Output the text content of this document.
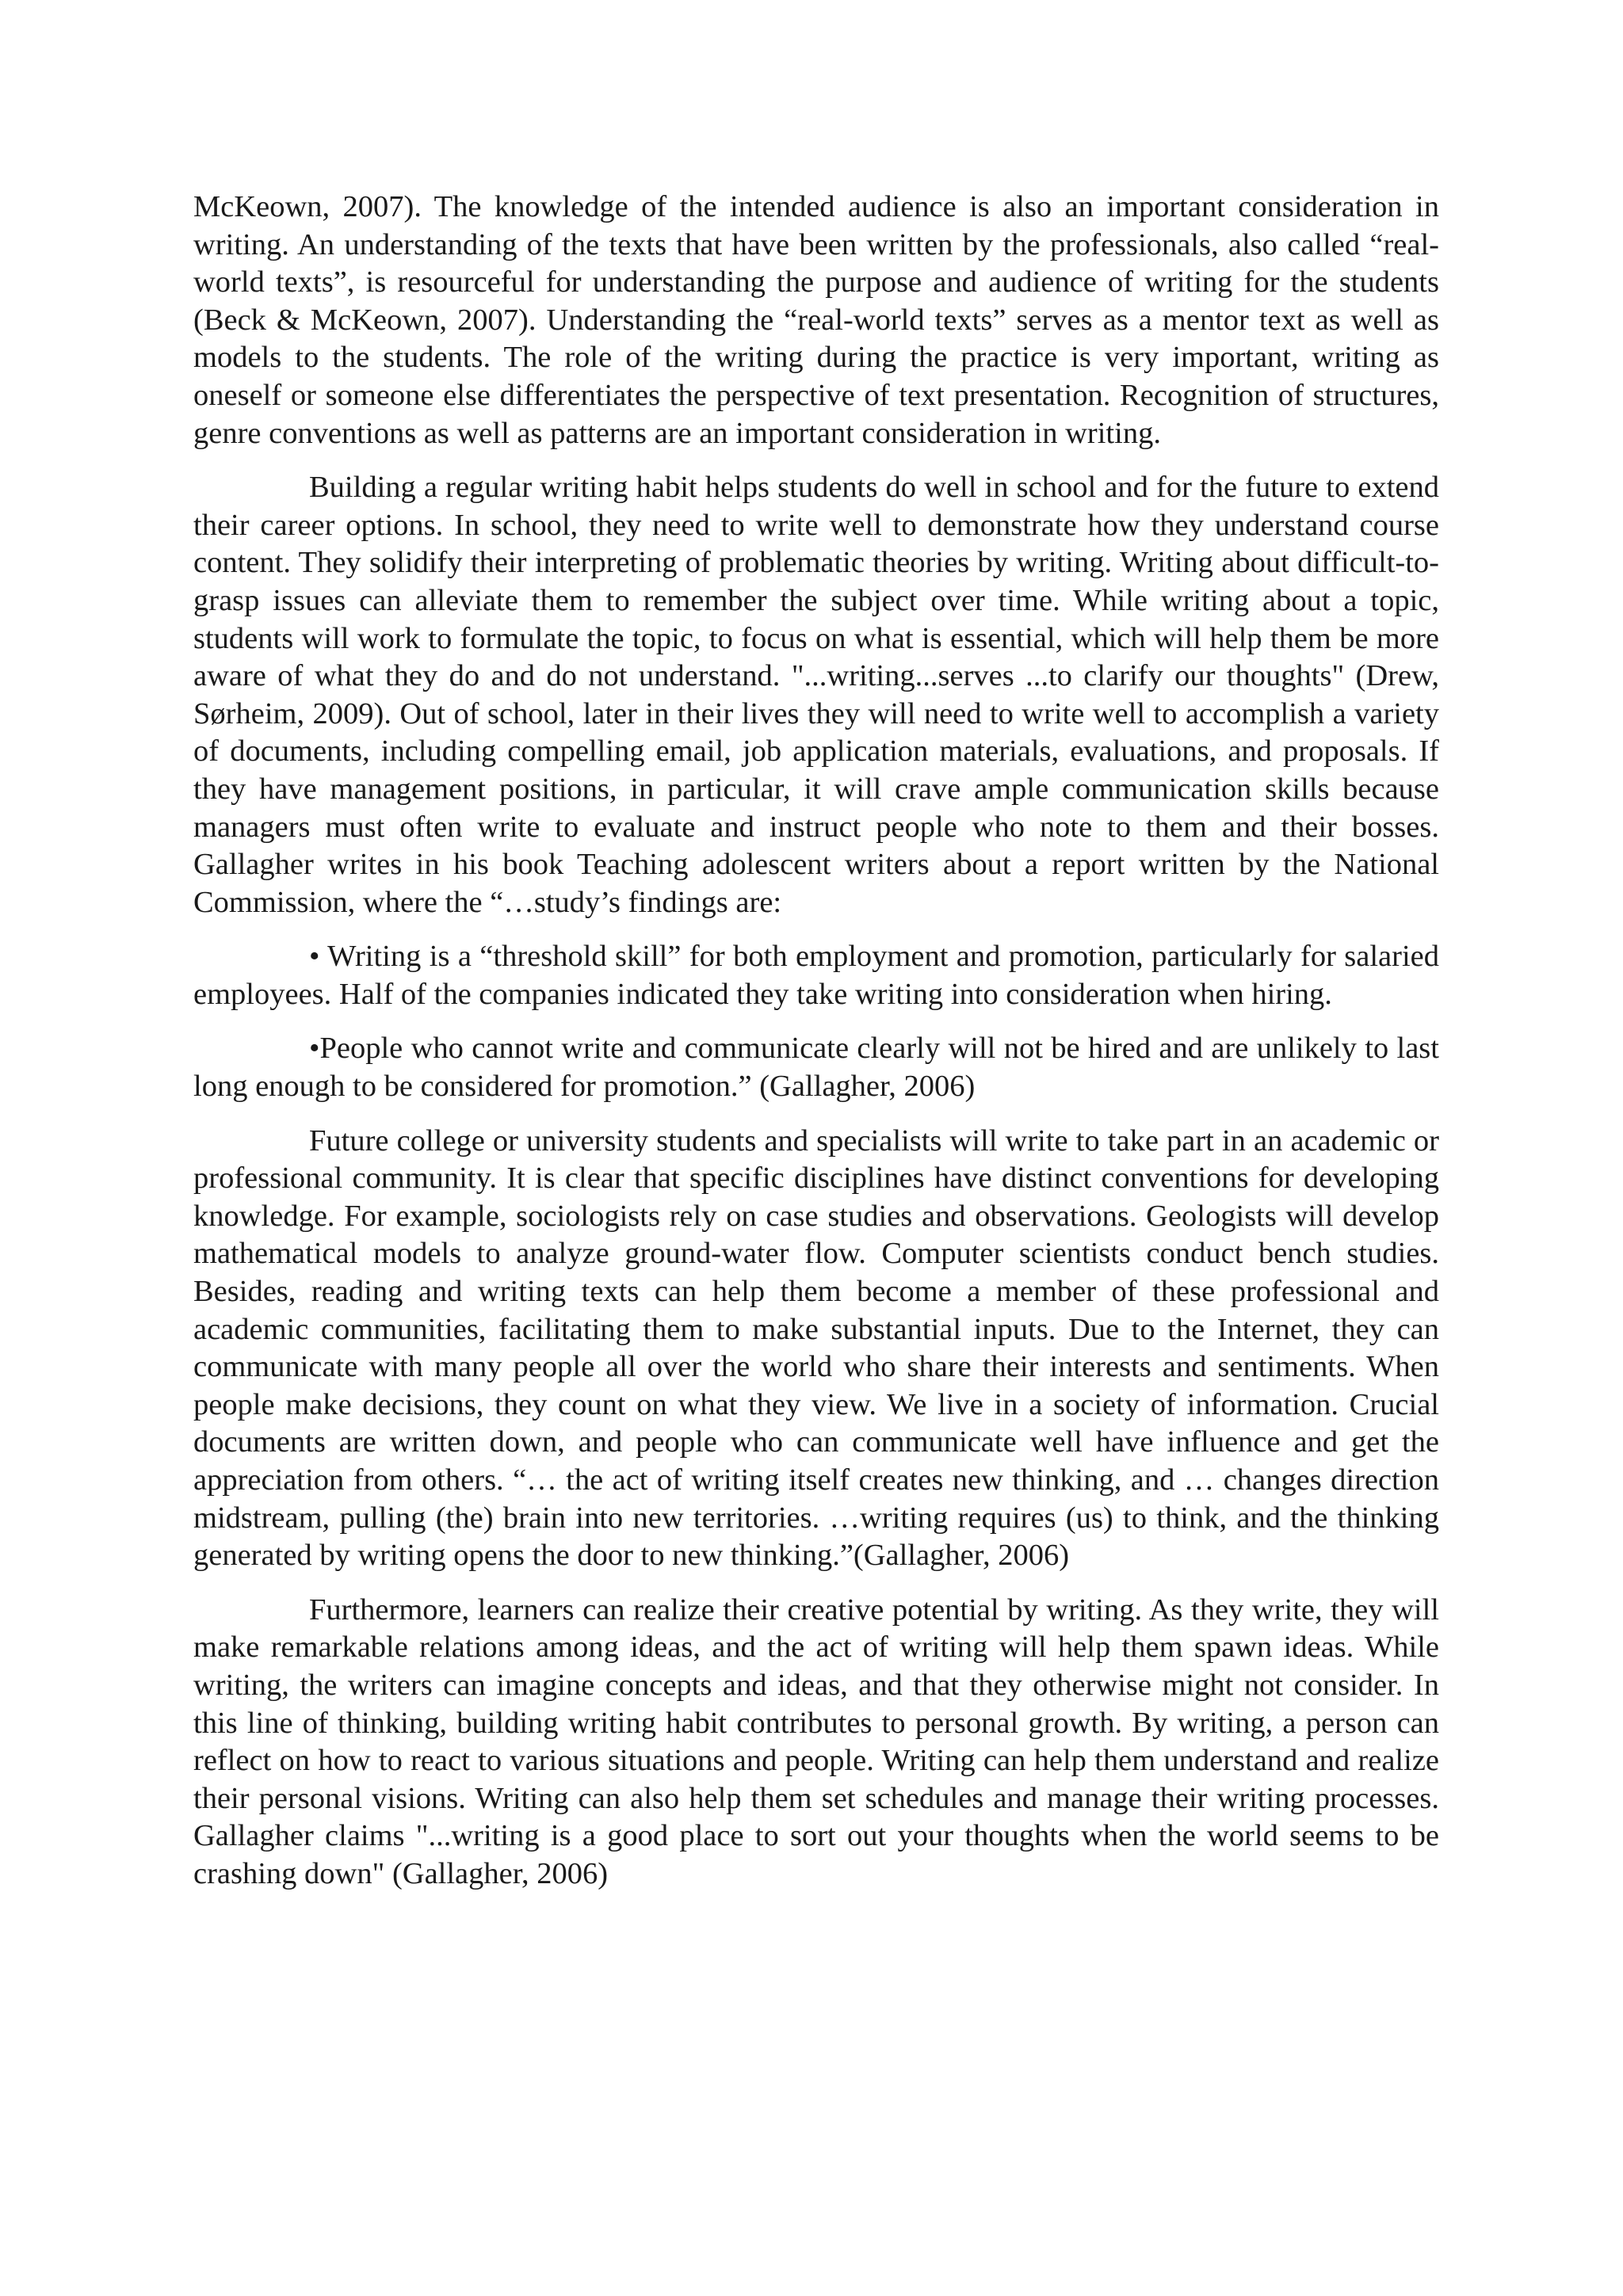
McKeown, 2007). The knowledge of the intended audience is also an important consideration in writing. An understanding of the texts that have been written by the professionals, also called “real-world texts”, is resourceful for understanding the purpose and audience of writing for the students (Beck & McKeown, 2007). Understanding the “real-world texts” serves as a mentor text as well as models to the students. The role of the writing during the practice is very important, writing as oneself or someone else differentiates the perspective of text presentation. Recognition of structures, genre conventions as well as patterns are an important consideration in writing.

Building a regular writing habit helps students do well in school and for the future to extend their career options. In school, they need to write well to demonstrate how they understand course content. They solidify their interpreting of problematic theories by writing. Writing about difficult-to-grasp issues can alleviate them to remember the subject over time. While writing about a topic, students will work to formulate the topic, to focus on what is essential, which will help them be more aware of what they do and do not understand. "...writing...serves ...to clarify our thoughts" (Drew, Sørheim, 2009). Out of school, later in their lives they will need to write well to accomplish a variety of documents, including compelling email, job application materials, evaluations, and proposals. If they have management positions, in particular, it will crave ample communication skills because managers must often write to evaluate and instruct people who note to them and their bosses. Gallagher writes in his book Teaching adolescent writers about a report written by the National Commission, where the “…study’s findings are:

• Writing is a “threshold skill” for both employment and promotion, particularly for salaried employees. Half of the companies indicated they take writing into consideration when hiring.

•People who cannot write and communicate clearly will not be hired and are unlikely to last long enough to be considered for promotion.” (Gallagher, 2006)

Future college or university students and specialists will write to take part in an academic or professional community. It is clear that specific disciplines have distinct conventions for developing knowledge. For example, sociologists rely on case studies and observations. Geologists will develop mathematical models to analyze ground-water flow. Computer scientists conduct bench studies. Besides, reading and writing texts can help them become a member of these professional and academic communities, facilitating them to make substantial inputs. Due to the Internet, they can communicate with many people all over the world who share their interests and sentiments. When people make decisions, they count on what they view. We live in a society of information. Crucial documents are written down, and people who can communicate well have influence and get the appreciation from others. “… the act of writing itself creates new thinking, and … changes direction midstream, pulling (the) brain into new territories. …writing requires (us) to think, and the thinking generated by writing opens the door to new thinking.”(Gallagher, 2006)

Furthermore, learners can realize their creative potential by writing. As they write, they will make remarkable relations among ideas, and the act of writing will help them spawn ideas. While writing, the writers can imagine concepts and ideas, and that they otherwise might not consider. In this line of thinking, building writing habit contributes to personal growth. By writing, a person can reflect on how to react to various situations and people. Writing can help them understand and realize their personal visions. Writing can also help them set schedules and manage their writing processes. Gallagher claims "...writing is a good place to sort out your thoughts when the world seems to be crashing down" (Gallagher, 2006)
